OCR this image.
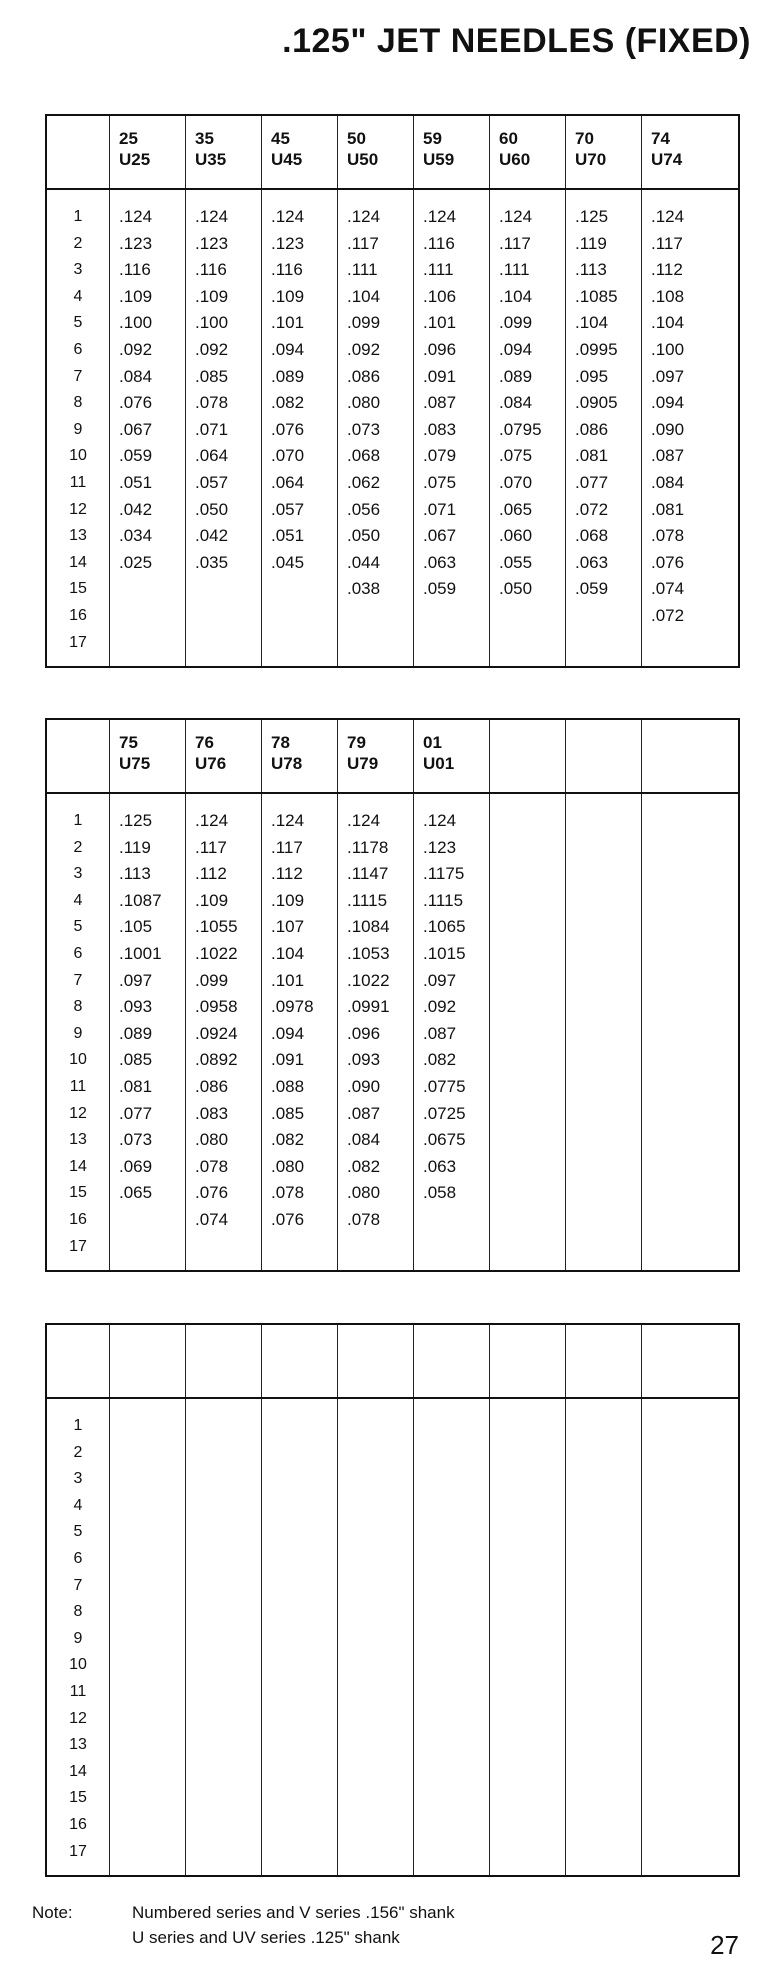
.125" JET NEEDLES (FIXED)
25
U25
35
U35
45
U45
50
U50
59
U59
60
U60
70
U70
74
U74
1
2
3
4
5
6
7
8
9
10
11
12
13
14
15
16
17
.124
.123
.116
.109
.100
.092
.084
.076
.067
.059
.051
.042
.034
.025
.124
.123
.116
.109
.100
.092
.085
.078
.071
.064
.057
.050
.042
.035
.124
.123
.116
.109
.101
.094
.089
.082
.076
.070
.064
.057
.051
.045
.124
.117
.111
.104
.099
.092
.086
.080
.073
.068
.062
.056
.050
.044
.038
.124
.116
.111
.106
.101
.096
.091
.087
.083
.079
.075
.071
.067
.063
.059
.124
.117
.111
.104
.099
.094
.089
.084
.0795
.075
.070
.065
.060
.055
.050
.125
.119
.113
.1085
.104
.0995
.095
.0905
.086
.081
.077
.072
.068
.063
.059
.124
.117
.112
.108
.104
.100
.097
.094
.090
.087
.084
.081
.078
.076
.074
.072
75
U75
76
U76
78
U78
79
U79
01
U01
1
2
3
4
5
6
7
8
9
10
11
12
13
14
15
16
17
.125
.119
.113
.1087
.105
.1001
.097
.093
.089
.085
.081
.077
.073
.069
.065
.124
.117
.112
.109
.1055
.1022
.099
.0958
.0924
.0892
.086
.083
.080
.078
.076
.074
.124
.117
.112
.109
.107
.104
.101
.0978
.094
.091
.088
.085
.082
.080
.078
.076
.124
.1178
.1147
.1115
.1084
.1053
.1022
.0991
.096
.093
.090
.087
.084
.082
.080
.078
.124
.123
.1175
.1115
.1065
.1015
.097
.092
.087
.082
.0775
.0725
.0675
.063
.058
1
2
3
4
5
6
7
8
9
10
11
12
13
14
15
16
17
Note:	Numbered series and V series .156" shank
U series and UV series .125" shank	27
